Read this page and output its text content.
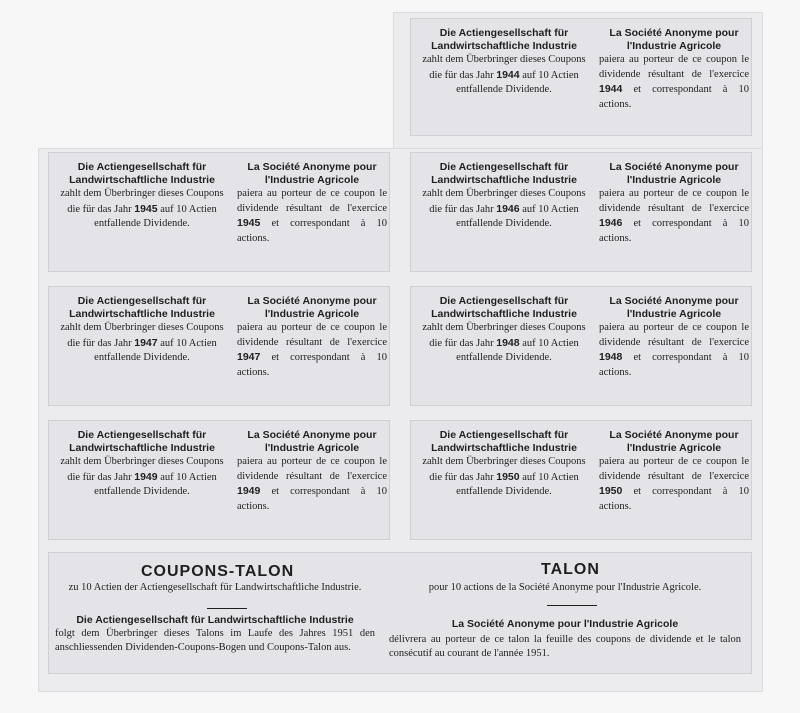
Die Actiengesellschaft für Landwirtschaftliche Industrie
zahlt dem Überbringer dieses Coupons die für das Jahr 1944 auf 10 Actien entfallende Dividende.
La Société Anonyme pour l'Industrie Agricole
paiera au porteur de ce coupon le dividende résultant de l'exercice 1944 et correspondant à 10 actions.
Die Actiengesellschaft für Landwirtschaftliche Industrie
zahlt dem Überbringer dieses Coupons die für das Jahr 1945 auf 10 Actien entfallende Dividende.
La Société Anonyme pour l'Industrie Agricole
paiera au porteur de ce coupon le dividende résultant de l'exercice 1945 et correspondant à 10 actions.
Die Actiengesellschaft für Landwirtschaftliche Industrie
zahlt dem Überbringer dieses Coupons die für das Jahr 1946 auf 10 Actien entfallende Dividende.
La Société Anonyme pour l'Industrie Agricole
paiera au porteur de ce coupon le dividende résultant de l'exercice 1946 et correspondant à 10 actions.
Die Actiengesellschaft für Landwirtschaftliche Industrie
zahlt dem Überbringer dieses Coupons die für das Jahr 1947 auf 10 Actien entfallende Dividende.
La Société Anonyme pour l'Industrie Agricole
paiera au porteur de ce coupon le dividende résultant de l'exercice 1947 et correspondant à 10 actions.
Die Actiengesellschaft für Landwirtschaftliche Industrie
zahlt dem Überbringer dieses Coupons die für das Jahr 1948 auf 10 Actien entfallende Dividende.
La Société Anonyme pour l'Industrie Agricole
paiera au porteur de ce coupon le dividende résultant de l'exercice 1948 et correspondant à 10 actions.
Die Actiengesellschaft für Landwirtschaftliche Industrie
zahlt dem Überbringer dieses Coupons die für das Jahr 1949 auf 10 Actien entfallende Dividende.
La Société Anonyme pour l'Industrie Agricole
paiera au porteur de ce coupon le dividende résultant de l'exercice 1949 et correspondant à 10 actions.
Die Actiengesellschaft für Landwirtschaftliche Industrie
zahlt dem Überbringer dieses Coupons die für das Jahr 1950 auf 10 Actien entfallende Dividende.
La Société Anonyme pour l'Industrie Agricole
paiera au porteur de ce coupon le dividende résultant de l'exercice 1950 et correspondant à 10 actions.
COUPONS-TALON
zu 10 Actien der Actiengesellschaft für Landwirtschaftliche Industrie.
Die Actiengesellschaft für Landwirtschaftliche Industrie
folgt dem Überbringer dieses Talons im Laufe des Jahres 1951 den anschliessenden Dividenden-Coupons-Bogen und Coupons-Talon aus.
TALON
pour 10 actions de la Société Anonyme pour l'Industrie Agricole.
La Société Anonyme pour l'Industrie Agricole
délivrera au porteur de ce talon la feuille des coupons de dividende et le talon consécutif au courant de l'année 1951.
